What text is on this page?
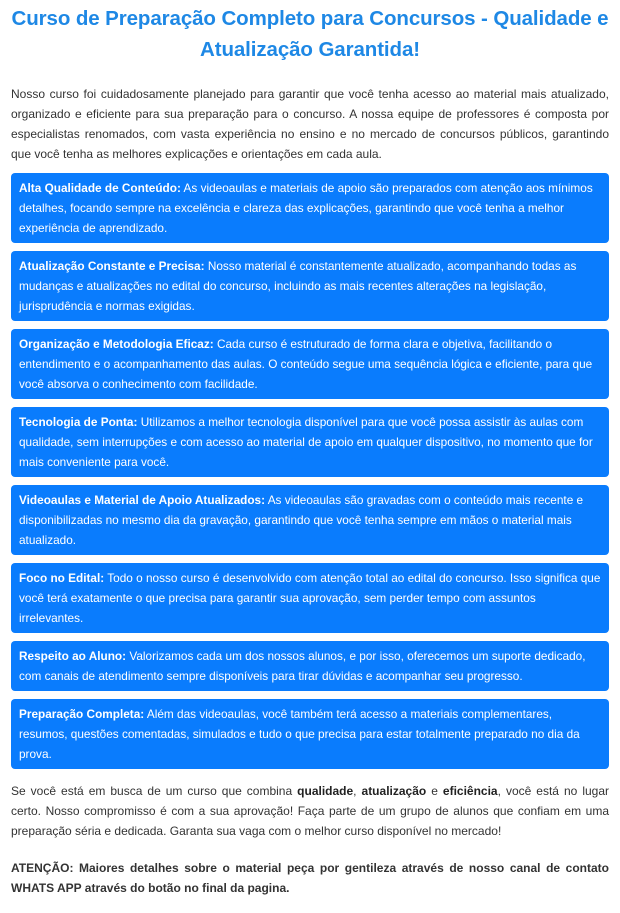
Curso de Preparação Completo para Concursos - Qualidade e Atualização Garantida!

Nosso curso foi cuidadosamente planejado para garantir que você tenha acesso ao material mais atualizado, organizado e eficiente para sua preparação para o concurso. A nossa equipe de professores é composta por especialistas renomados, com vasta experiência no ensino e no mercado de concursos públicos, garantindo que você tenha as melhores explicações e orientações em cada aula.

Alta Qualidade de Conteúdo: As videoaulas e materiais de apoio são preparados com atenção aos mínimos detalhes, focando sempre na excelência e clareza das explicações, garantindo que você tenha a melhor experiência de aprendizado.
Atualização Constante e Precisa: Nosso material é constantemente atualizado, acompanhando todas as mudanças e atualizações no edital do concurso, incluindo as mais recentes alterações na legislação, jurisprudência e normas exigidas.
Organização e Metodologia Eficaz: Cada curso é estruturado de forma clara e objetiva, facilitando o entendimento e o acompanhamento das aulas. O conteúdo segue uma sequência lógica e eficiente, para que você absorva o conhecimento com facilidade.
Tecnologia de Ponta: Utilizamos a melhor tecnologia disponível para que você possa assistir às aulas com qualidade, sem interrupções e com acesso ao material de apoio em qualquer dispositivo, no momento que for mais conveniente para você.
Videoaulas e Material de Apoio Atualizados: As videoaulas são gravadas com o conteúdo mais recente e disponibilizadas no mesmo dia da gravação, garantindo que você tenha sempre em mãos o material mais atualizado.
Foco no Edital: Todo o nosso curso é desenvolvido com atenção total ao edital do concurso. Isso significa que você terá exatamente o que precisa para garantir sua aprovação, sem perder tempo com assuntos irrelevantes.
Respeito ao Aluno: Valorizamos cada um dos nossos alunos, e por isso, oferecemos um suporte dedicado, com canais de atendimento sempre disponíveis para tirar dúvidas e acompanhar seu progresso.
Preparação Completa: Além das videoaulas, você também terá acesso a materiais complementares, resumos, questões comentadas, simulados e tudo o que precisa para estar totalmente preparado no dia da prova.

Se você está em busca de um curso que combina qualidade, atualização e eficiência, você está no lugar certo. Nosso compromisso é com a sua aprovação! Faça parte de um grupo de alunos que confiam em uma preparação séria e dedicada. Garanta sua vaga com o melhor curso disponível no mercado!

ATENÇÃO: Maiores detalhes sobre o material peça por gentileza através de nosso canal de contato WHATS APP através do botão no final da pagina.
